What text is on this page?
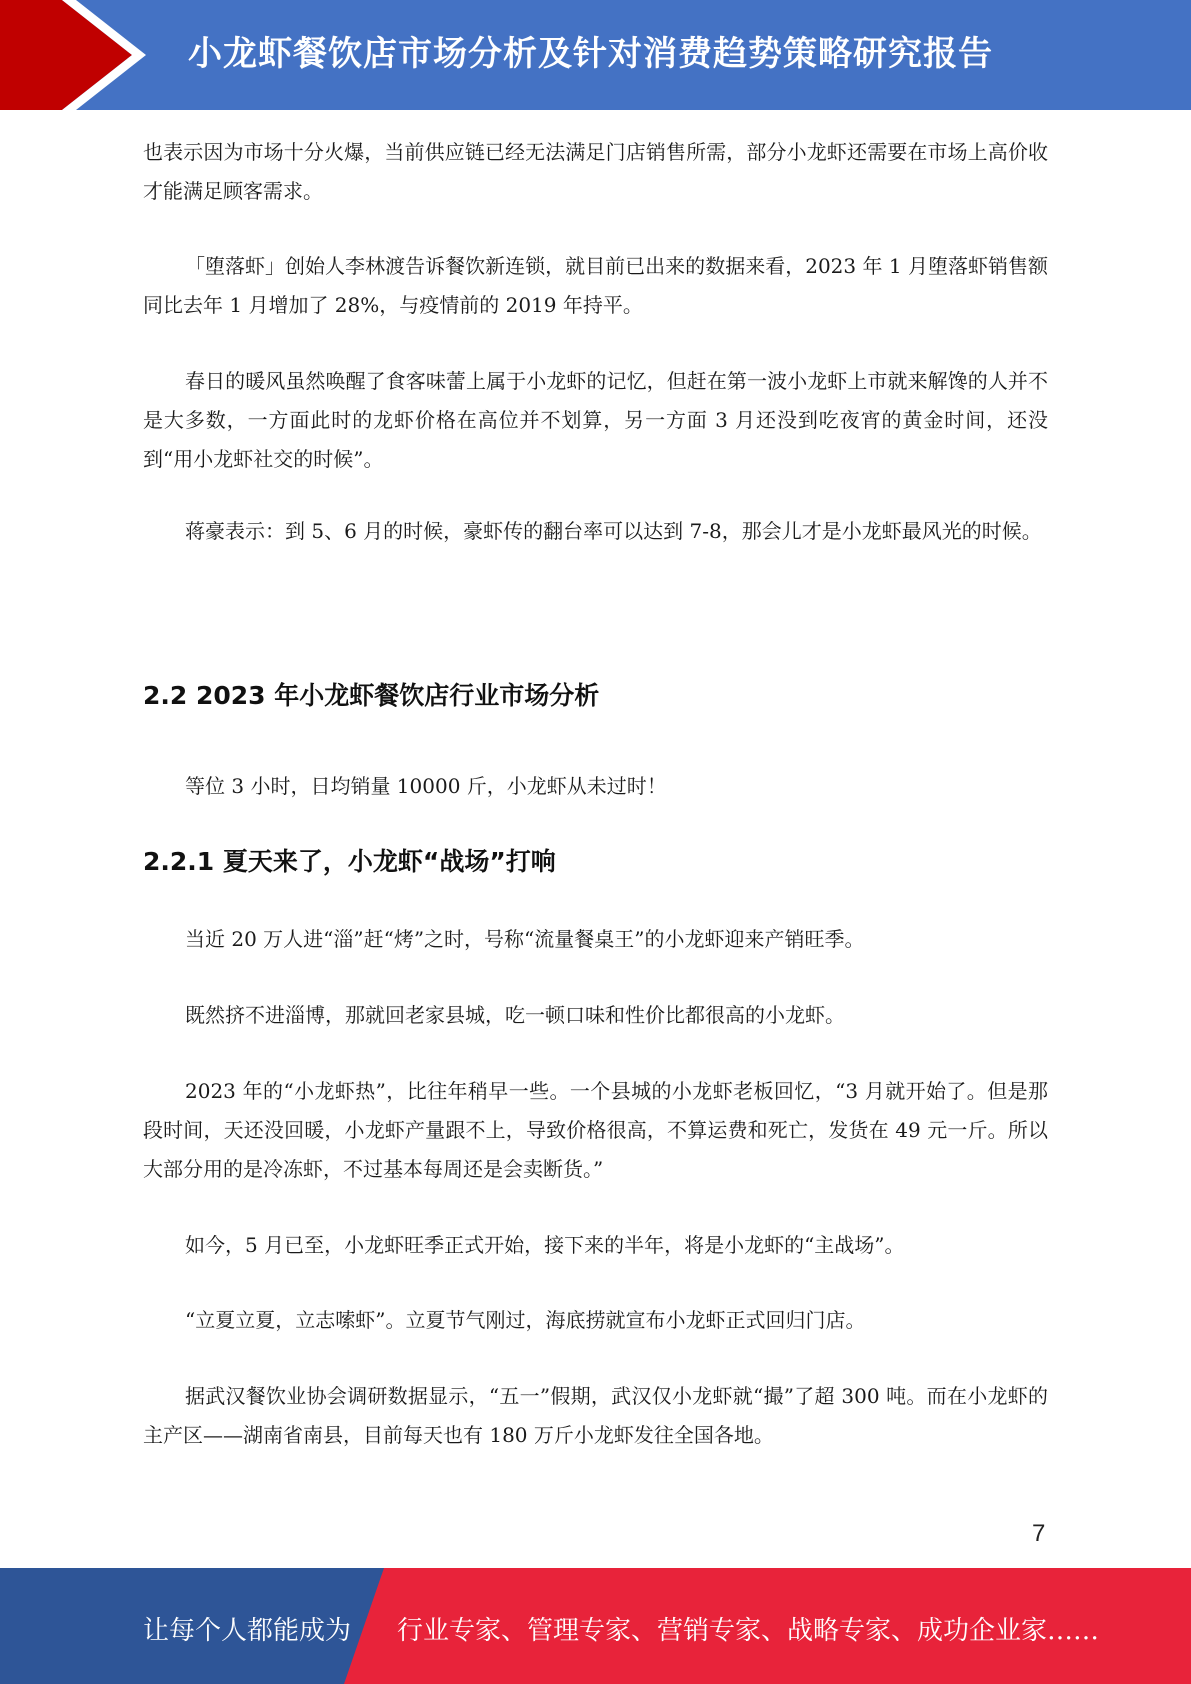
小龙虾餐饮店市场分析及针对消费趋势策略研究报告

也表示因为市场十分火爆，当前供应链已经无法满足门店销售所需，部分小龙虾还需要在市场上高价收才能满足顾客需求。

「堕落虾」创始人李林渡告诉餐饮新连锁，就目前已出来的数据来看，2023 年 1 月堕落虾销售额同比去年 1 月增加了 28%，与疫情前的 2019 年持平。

春日的暖风虽然唤醒了食客味蕾上属于小龙虾的记忆，但赶在第一波小龙虾上市就来解馋的人并不是大多数，一方面此时的龙虾价格在高位并不划算，另一方面 3 月还没到吃夜宵的黄金时间，还没到“用小龙虾社交的时候”。

蒋豪表示：到 5、6 月的时候，豪虾传的翻台率可以达到 7-8，那会儿才是小龙虾最风光的时候。

2.2 2023 年小龙虾餐饮店行业市场分析

等位 3 小时，日均销量 10000 斤，小龙虾从未过时！

2.2.1 夏天来了，小龙虾“战场”打响

当近 20 万人进“淄”赶“烤”之时，号称“流量餐桌王”的小龙虾迎来产销旺季。

既然挤不进淄博，那就回老家县城，吃一顿口味和性价比都很高的小龙虾。

2023 年的“小龙虾热”，比往年稍早一些。一个县城的小龙虾老板回忆，“3 月就开始了。但是那段时间，天还没回暖，小龙虾产量跟不上，导致价格很高，不算运费和死亡，发货在 49 元一斤。所以大部分用的是冷冻虾，不过基本每周还是会卖断货。”

如今，5 月已至，小龙虾旺季正式开始，接下来的半年，将是小龙虾的“主战场”。

“立夏立夏，立志嗦虾”。立夏节气刚过，海底捞就宣布小龙虾正式回归门店。

据武汉餐饮业协会调研数据显示，“五一”假期，武汉仅小龙虾就“撮”了超 300 吨。而在小龙虾的主产区——湖南省南县，目前每天也有 180 万斤小龙虾发往全国各地。

7
让每个人都能成为 行业专家、管理专家、营销专家、战略专家、成功企业家……
